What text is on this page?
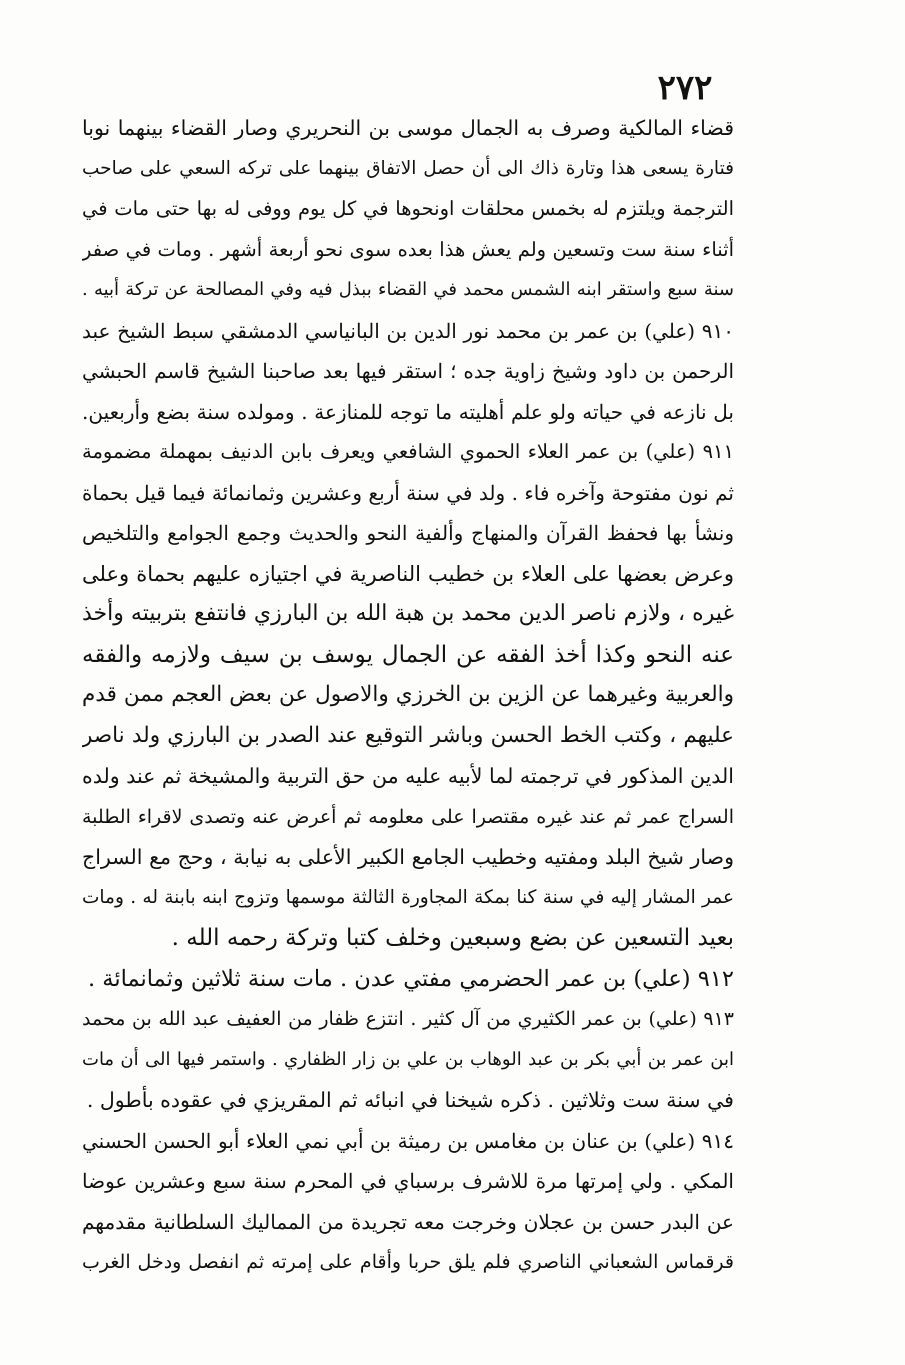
٢٧٢
قضاء المالكية وصرف به الجمال موسى بن النحريري وصار القضاء بينهما نوبا
فتارة يسعى هذا وتارة ذاك الى أن حصل الاتفاق بينهما على تركه السعي على صاحب
الترجمة ويلتزم له بخمس محلقات اونحوها في كل يوم ووفى له بها حتى مات في
أثناء سنة ست وتسعين ولم يعش هذا بعده سوى نحو أربعة أشهر . ومات في صفر
سنة سبع واستقر ابنه الشمس محمد في القضاء ببذل فيه وفي المصالحة عن تركة أبيه .
٩١٠ (علي) بن عمر بن محمد نور الدين بن البانياسي الدمشقي سبط الشيخ عبد
الرحمن بن داود وشيخ زاوية جده ؛ استقر فيها بعد صاحبنا الشيخ قاسم الحبشي
بل نازعه في حياته ولو علم أهليته ما توجه للمنازعة . ومولده سنة بضع وأربعين.
٩١١ (علي) بن عمر العلاء الحموي الشافعي ويعرف بابن الدنيف بمهملة مضمومة
ثم نون مفتوحة وآخره فاء . ولد في سنة أربع وعشرين وثمانمائة فيما قيل بحماة
ونشأ بها فحفظ القرآن والمنهاج وألفية النحو والحديث وجمع الجوامع والتلخيص
وعرض بعضها على العلاء بن خطيب الناصرية في اجتيازه عليهم بحماة وعلى
غيره ، ولازم ناصر الدين محمد بن هبة الله بن البارزي فانتفع بتربيته وأخذ
عنه النحو وكذا أخذ الفقه عن الجمال يوسف بن سيف ولازمه والفقه
والعربية وغيرهما عن الزين بن الخرزي والاصول عن بعض العجم ممن قدم
عليهم ، وكتب الخط الحسن وباشر التوقيع عند الصدر بن البارزي ولد ناصر
الدين المذكور في ترجمته لما لأبيه عليه من حق التربية والمشيخة ثم عند ولده
السراج عمر ثم عند غيره مقتصرا على معلومه ثم أعرض عنه وتصدى لاقراء الطلبة
وصار شيخ البلد ومفتيه وخطيب الجامع الكبير الأعلى به نيابة ، وحج مع السراج
عمر المشار إليه في سنة كنا بمكة المجاورة الثالثة موسمها وتزوج ابنه بابنة له . ومات
بعيد التسعين عن بضع وسبعين وخلف كتبا وتركة رحمه الله .
٩١٢ (علي) بن عمر الحضرمي مفتي عدن . مات سنة ثلاثين وثمانمائة .
٩١٣ (علي) بن عمر الكثيري من آل كثير . انتزع ظفار من العفيف عبد الله بن محمد
ابن عمر بن أبي بكر بن عبد الوهاب بن علي بن زار الظفاري . واستمر فيها الى أن مات
في سنة ست وثلاثين . ذكره شيخنا في انبائه ثم المقريزي في عقوده بأطول .
٩١٤ (علي) بن عنان بن مغامس بن رميثة بن أبي نمي العلاء أبو الحسن الحسني
المكي . ولي إمرتها مرة للاشرف برسباي في المحرم سنة سبع وعشرين عوضا
عن البدر حسن بن عجلان وخرجت معه تجريدة من المماليك السلطانية مقدمهم
قرقماس الشعباني الناصري فلم يلق حربا وأقام على إمرته ثم انفصل ودخل الغرب
